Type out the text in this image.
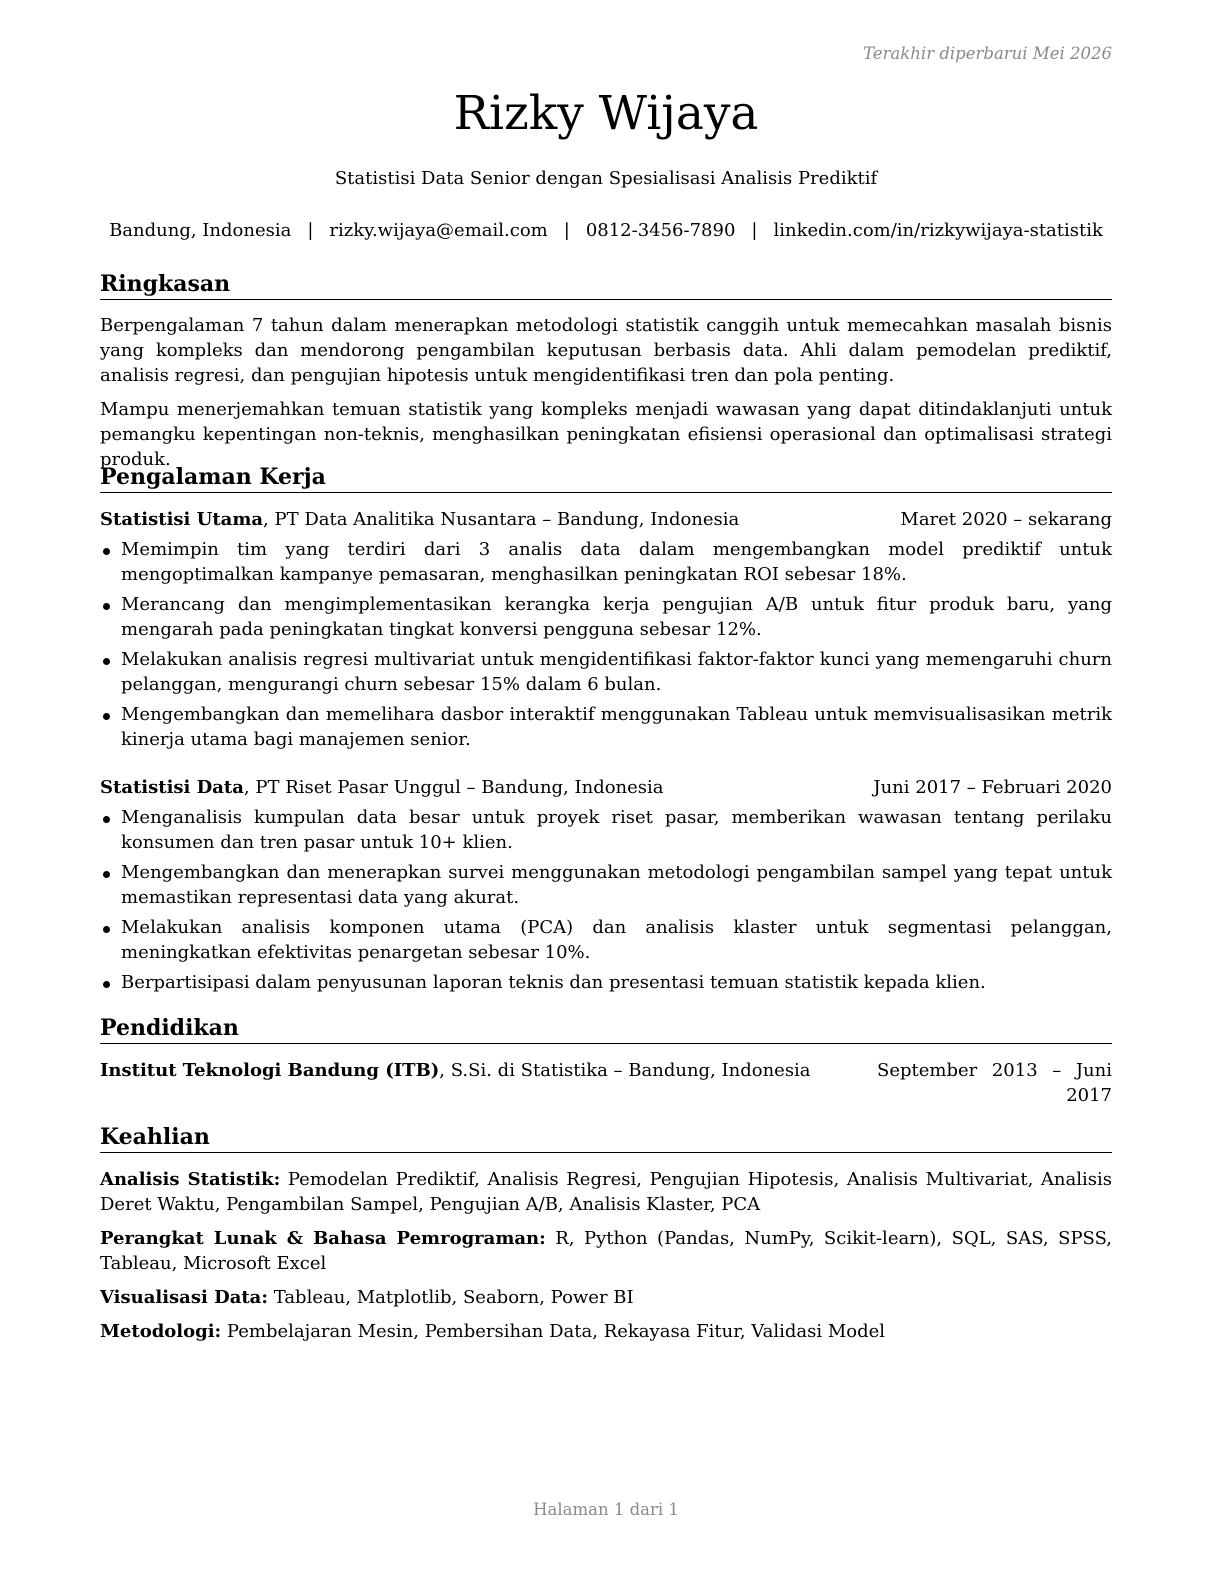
Terakhir diperbarui Mei 2026
Rizky Wijaya

Statistisi Data Senior dengan Spesialisasi Analisis Prediktif

Bandung, Indonesia | rizky.wijaya@email.com | 0812-3456-7890 | linkedin.com/in/rizkywijaya-statistik
Ringkasan

Berpengalaman 7 tahun dalam menerapkan metodologi statistik canggih untuk memecahkan masalah bisnis yang kompleks dan mendorong pengambilan keputusan berbasis data. Ahli dalam pemodelan prediktif, analisis regresi, dan pengujian hipotesis untuk mengidentifikasi tren dan pola penting.

Mampu menerjemahkan temuan statistik yang kompleks menjadi wawasan yang dapat ditindaklanjuti untuk pemangku kepentingan non-teknis, menghasilkan peningkatan efisiensi operasional dan optimalisasi strategi produk.

Pengalaman Kerja
Statistisi Utama, PT Data Analitika Nusantara – Bandung, Indonesia	Maret 2020 – sekarang
Memimpin tim yang terdiri dari 3 analis data dalam mengembangkan model prediktif untuk mengoptimalkan kampanye pemasaran, menghasilkan peningkatan ROI sebesar 18%.
Merancang dan mengimplementasikan kerangka kerja pengujian A/B untuk fitur produk baru, yang mengarah pada peningkatan tingkat konversi pengguna sebesar 12%.
Melakukan analisis regresi multivariat untuk mengidentifikasi faktor-faktor kunci yang memengaruhi churn pelanggan, mengurangi churn sebesar 15% dalam 6 bulan.
Mengembangkan dan memelihara dasbor interaktif menggunakan Tableau untuk memvisualisasikan metrik kinerja utama bagi manajemen senior.
Statistisi Data, PT Riset Pasar Unggul – Bandung, Indonesia	Juni 2017 – Februari 2020
Menganalisis kumpulan data besar untuk proyek riset pasar, memberikan wawasan tentang perilaku konsumen dan tren pasar untuk 10+ klien.
Mengembangkan dan menerapkan survei menggunakan metodologi pengambilan sampel yang tepat untuk memastikan representasi data yang akurat.
Melakukan analisis komponen utama (PCA) dan analisis klaster untuk segmentasi pelanggan, meningkatkan efektivitas penargetan sebesar 10%.
Berpartisipasi dalam penyusunan laporan teknis dan presentasi temuan statistik kepada klien.
Pendidikan
Institut Teknologi Bandung (ITB), S.Si. di Statistika – Bandung, Indonesia	September 2013 – Juni 2017
Keahlian

Analisis Statistik: Pemodelan Prediktif, Analisis Regresi, Pengujian Hipotesis, Analisis Multivariat, Analisis Deret Waktu, Pengambilan Sampel, Pengujian A/B, Analisis Klaster, PCA

Perangkat Lunak & Bahasa Pemrograman: R, Python (Pandas, NumPy, Scikit-learn), SQL, SAS, SPSS, Tableau, Microsoft Excel

Visualisasi Data: Tableau, Matplotlib, Seaborn, Power BI

Metodologi: Pembelajaran Mesin, Pembersihan Data, Rekayasa Fitur, Validasi Model

Halaman 1 dari 1
